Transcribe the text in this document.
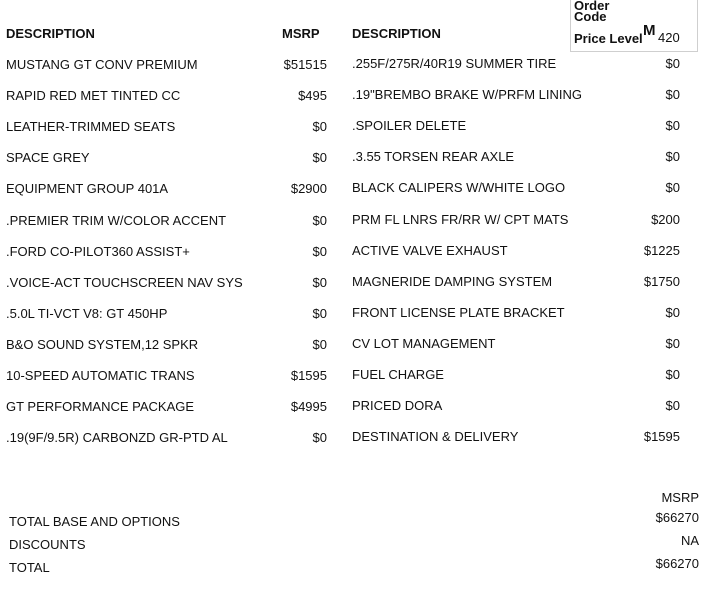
Order
Code
Price Level M 420
DESCRIPTION	MSRP DESCRIPTION
MUSTANG GT CONV PREMIUM	$51515
RAPID RED MET TINTED CC	$495
LEATHER-TRIMMED SEATS	$0
SPACE GREY	$0
EQUIPMENT GROUP 401A	$2900
.PREMIER TRIM W/COLOR ACCENT	$0
.FORD CO-PILOT360 ASSIST+	$0
.VOICE-ACT TOUCHSCREEN NAV SYS	$0
.5.0L TI-VCT V8: GT 450HP	$0
B&O SOUND SYSTEM,12 SPKR	$0
10-SPEED AUTOMATIC TRANS	$1595
GT PERFORMANCE PACKAGE	$4995
.19(9F/9.5R) CARBONZD GR-PTD AL	$0
.255F/275R/40R19 SUMMER TIRE	$0
.19"BREMBO BRAKE W/PRFM LINING	$0
.SPOILER DELETE	$0
.3.55 TORSEN REAR AXLE	$0
BLACK CALIPERS W/WHITE LOGO	$0
PRM FL LNRS FR/RR W/ CPT MATS	$200
ACTIVE VALVE EXHAUST	$1225
MAGNERIDE DAMPING SYSTEM	$1750
FRONT LICENSE PLATE BRACKET	$0
CV LOT MANAGEMENT	$0
FUEL CHARGE	$0
PRICED DORA	$0
DESTINATION & DELIVERY	$1595
MSRP
TOTAL BASE AND OPTIONS	$66270
DISCOUNTS	NA
TOTAL	$66270
